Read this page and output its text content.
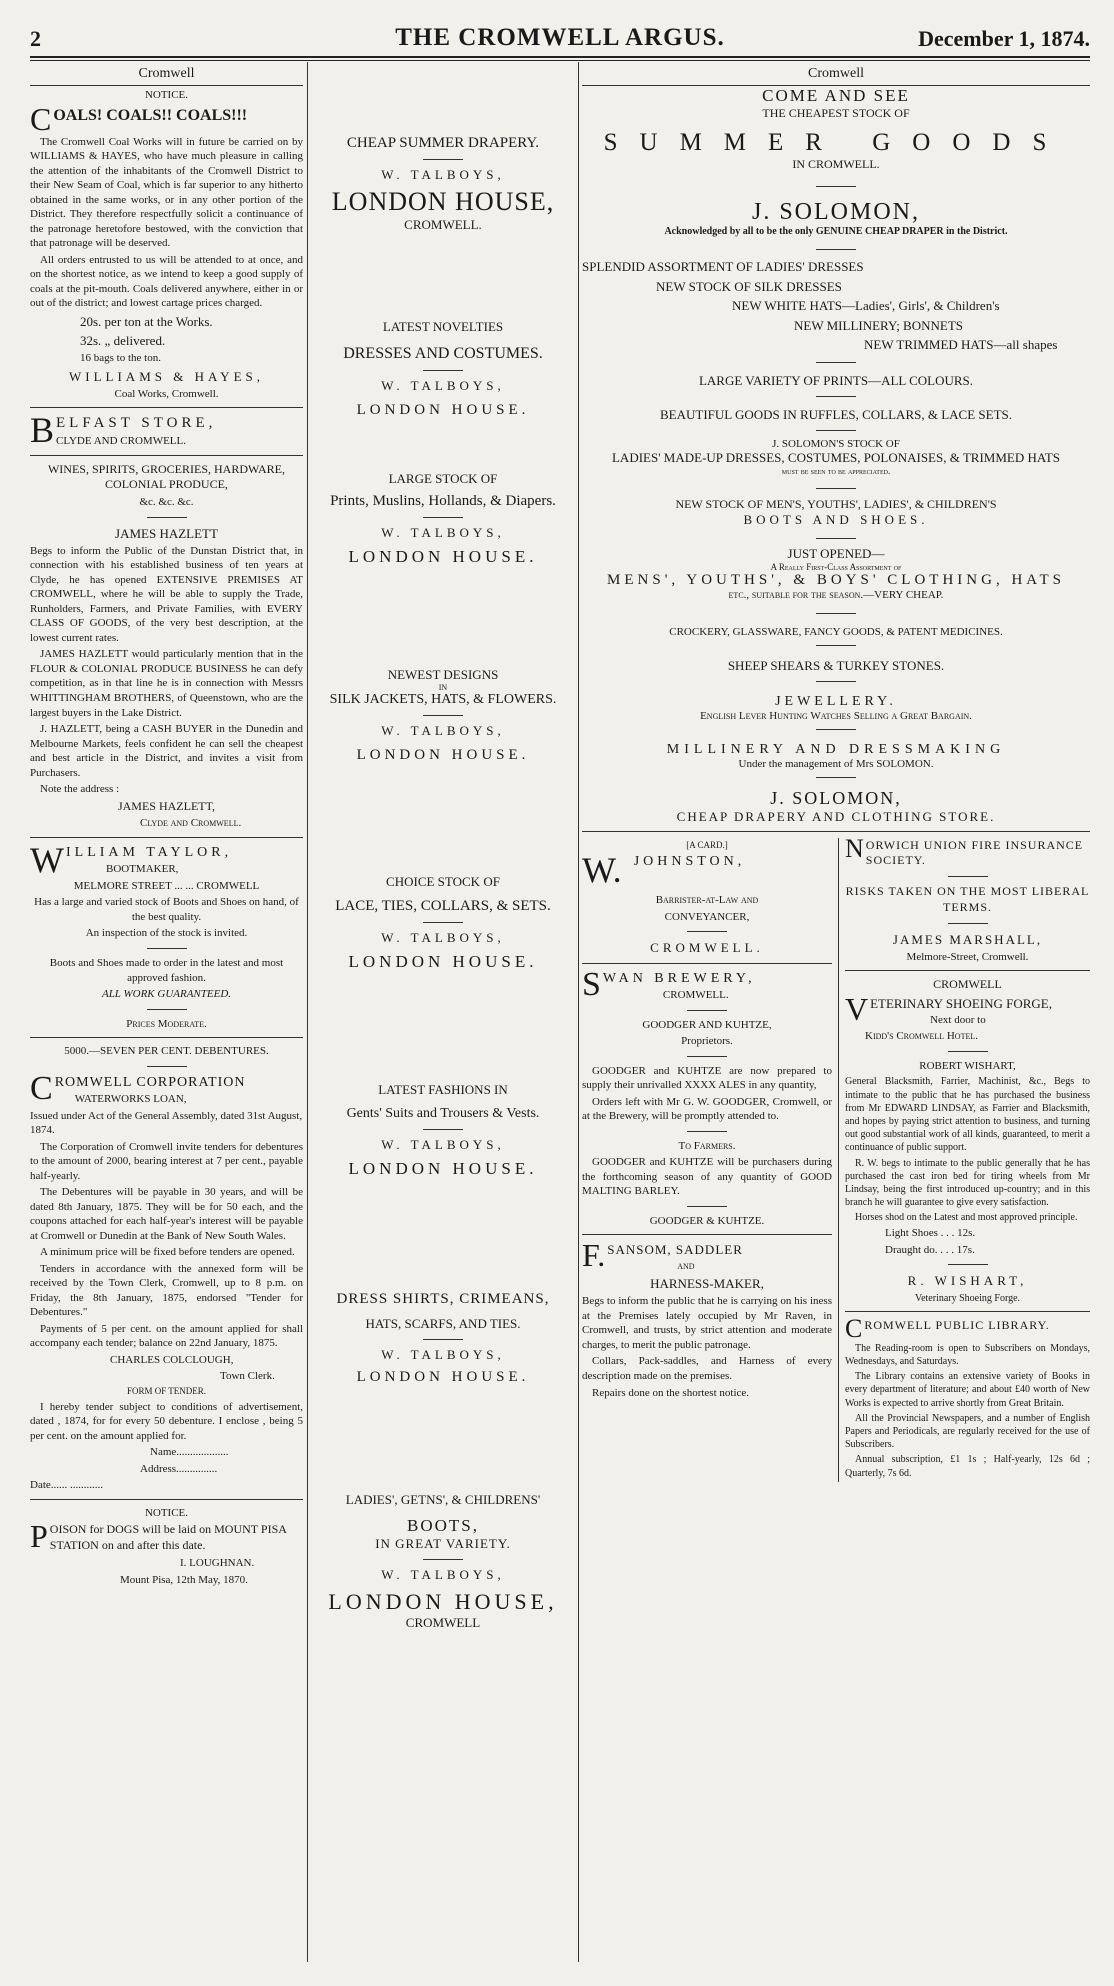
2	THE CROMWELL ARGUS.	December 1, 1874.
Cromwell

NOTICE.

C OALS! COALS!! COALS!!!

The Cromwell Coal Works will in future be carried on by WILLIAMS & HAYES, who have much pleasure in calling the attention of the inhabitants of the Cromwell District to their New Seam of Coal, which is far superior to any hitherto obtained in the same works, or in any other portion of the District. They therefore respectfully solicit a continuance of the patronage heretofore bestowed, with the conviction that that patronage will be deserved.

All orders entrusted to us will be attended to at once, and on the shortest notice, as we intend to keep a good supply of coals at the pit-mouth. Coals delivered anywhere, either in or out of the district; and lowest cartage prices charged.

20s. per ton at the Works.

32s. „ delivered.

16 bags to the ton.

WILLIAMS & HAYES,

Coal Works, Cromwell.

B ELFAST STORE,
CLYDE AND CROMWELL.

WINES, SPIRITS, GROCERIES, HARDWARE, COLONIAL PRODUCE,

&c. &c. &c.

JAMES HAZLETT

Begs to inform the Public of the Dunstan District that, in connection with his established business of ten years at Clyde, he has opened EXTENSIVE PREMISES AT CROMWELL, where he will be able to supply the Trade, Runholders, Farmers, and Private Families, with EVERY CLASS OF GOODS, of the very best description, at the lowest current rates.

JAMES HAZLETT would particularly mention that in the FLOUR & COLONIAL PRODUCE BUSINESS he can defy competition, as in that line he is in connection with Messrs WHITTINGHAM BROTHERS, of Queenstown, who are the largest buyers in the Lake District.

J. HAZLETT, being a CASH BUYER in the Dunedin and Melbourne Markets, feels confident he can sell the cheapest and best article in the District, and invites a visit from Purchasers.

Note the address :

JAMES HAZLETT,

Clyde and Cromwell.

W ILLIAM TAYLOR,
BOOTMAKER,

MELMORE STREET ... ... CROMWELL

Has a large and varied stock of Boots and Shoes on hand, of the best quality.

An inspection of the stock is invited.

Boots and Shoes made to order in the latest and most approved fashion.

ALL WORK GUARANTEED.

Prices Moderate.

5000.—SEVEN PER CENT. DEBENTURES.

C ROMWELL CORPORATION
WATERWORKS LOAN,

Issued under Act of the General Assembly, dated 31st August, 1874.

The Corporation of Cromwell invite tenders for debentures to the amount of 2000, bearing interest at 7 per cent., payable half-yearly.

The Debentures will be payable in 30 years, and will be dated 8th January, 1875. They will be for 50 each, and the coupons attached for each half-year's interest will be payable at Cromwell or Dunedin at the Bank of New South Wales.

A minimum price will be fixed before tenders are opened.

Tenders in accordance with the annexed form will be received by the Town Clerk, Cromwell, up to 8 p.m. on Friday, the 8th January, 1875, endorsed "Tender for Debentures."

Payments of 5 per cent. on the amount applied for shall accompany each tender; balance on 22nd January, 1875.

CHARLES COLCLOUGH,

Town Clerk.

FORM OF TENDER.

I hereby tender subject to conditions of advertisement, dated , 1874, for for every 50 debenture. I enclose , being 5 per cent. on the amount applied for.

Name...................

Address...............

Date...... ............

NOTICE.

P OISON for DOGS will be laid on MOUNT PISA STATION on and after this date.

I. LOUGHNAN.

Mount Pisa, 12th May, 1870.

CHEAP SUMMER DRAPERY.
W. TALBOYS,
LONDON HOUSE,
CROMWELL.
LATEST NOVELTIES
DRESSES AND COSTUMES.
W. TALBOYS,
LONDON HOUSE.
LARGE STOCK OF
Prints, Muslins, Hollands, & Diapers.
W. TALBOYS,
LONDON HOUSE.
NEWEST DESIGNS
IN
SILK JACKETS, HATS, & FLOWERS.
W. TALBOYS,
LONDON HOUSE.
CHOICE STOCK OF
LACE, TIES, COLLARS, & SETS.
W. TALBOYS,
LONDON HOUSE.
LATEST FASHIONS IN
Gents' Suits and Trousers & Vests.
W. TALBOYS,
LONDON HOUSE.
DRESS SHIRTS, CRIMEANS,
HATS, SCARFS, AND TIES.
W. TALBOYS,
LONDON HOUSE.
LADIES', GETNS', & CHILDRENS'
BOOTS,
IN GREAT VARIETY.
W. TALBOYS,
LONDON HOUSE,
CROMWELL
Cromwell
COME AND SEE
THE CHEAPEST STOCK OF
SUMMER GOODS
IN CROMWELL.
J. SOLOMON,
Acknowledged by all to be the only GENUINE CHEAP DRAPER in the District.
SPLENDID ASSORTMENT OF LADIES' DRESSES
NEW STOCK OF SILK DRESSES
NEW WHITE HATS—Ladies', Girls', & Children's
NEW MILLINERY; BONNETS
NEW TRIMMED HATS—all shapes
LARGE VARIETY OF PRINTS—ALL COLOURS.
BEAUTIFUL GOODS IN RUFFLES, COLLARS, & LACE SETS.
J. SOLOMON'S STOCK OF
LADIES' MADE-UP DRESSES, COSTUMES, POLONAISES, & TRIMMED HATS
must be seen to be appreciated.
NEW STOCK OF MEN'S, YOUTHS', LADIES', & CHILDREN'S
BOOTS AND SHOES.
JUST OPENED—
A Really First-Class Assortment of
MENS', YOUTHS', & BOYS' CLOTHING, HATS
etc., suitable for the season.—VERY CHEAP.
CROCKERY, GLASSWARE, FANCY GOODS, & PATENT MEDICINES.
SHEEP SHEARS & TURKEY STONES.
JEWELLERY.
English Lever Hunting Watches Selling a Great Bargain.
MILLINERY AND DRESSMAKING
Under the management of Mrs SOLOMON.
J. SOLOMON,
CHEAP DRAPERY AND CLOTHING STORE.

[A CARD.]

W. JOHNSTON,

Barrister-at-Law and

CONVEYANCER,

CROMWELL.

S WAN BREWERY,
CROMWELL.

GOODGER AND KUHTZE,

Proprietors.

GOODGER and KUHTZE are now prepared to supply their unrivalled XXXX ALES in any quantity,

Orders left with Mr G. W. GOODGER, Cromwell, or at the Brewery, will be promptly attended to.

To Farmers.

GOODGER and KUHTZE will be purchasers during the forthcoming season of any quantity of GOOD MALTING BARLEY.

GOODGER & KUHTZE.

F. SANSOM, SADDLER
AND

HARNESS-MAKER,

Begs to inform the public that he is carrying on his iness at the Premises lately occupied by Mr Raven, in Cromwell, and trusts, by strict attention and moderate charges, to merit the public patronage.

Collars, Pack-saddles, and Harness of every description made on the premises.

Repairs done on the shortest notice.

N ORWICH UNION FIRE INSURANCE SOCIETY.

RISKS TAKEN ON THE MOST LIBERAL TERMS.

JAMES MARSHALL,

Melmore-Street, Cromwell.

CROMWELL

V ETERINARY SHOEING FORGE,
Next door to

Kidd's Cromwell Hotel.

ROBERT WISHART,

General Blacksmith, Farrier, Machinist, &c., Begs to intimate to the public that he has purchased the business from Mr EDWARD LINDSAY, as Farrier and Blacksmith, and hopes by paying strict attention to business, and turning out good substantial work of all kinds, guaranteed, to merit a continuance of public support.

R. W. begs to intimate to the public generally that he has purchased the cast iron bed for tiring wheels from Mr Lindsay, being the first introduced up-country; and in this branch he will guarantee to give every satisfaction.

Horses shod on the Latest and most approved principle.

Light Shoes . . . 12s.

Draught do. . . . 17s.

R. WISHART,

Veterinary Shoeing Forge.

C ROMWELL PUBLIC LIBRARY.

The Reading-room is open to Subscribers on Mondays, Wednesdays, and Saturdays.

The Library contains an extensive variety of Books in every department of literature; and about £40 worth of New Works is expected to arrive shortly from Great Britain.

All the Provincial Newspapers, and a number of English Papers and Periodicals, are regularly received for the use of Subscribers.

Annual subscription, £1 1s ; Half-yearly, 12s 6d ; Quarterly, 7s 6d.
